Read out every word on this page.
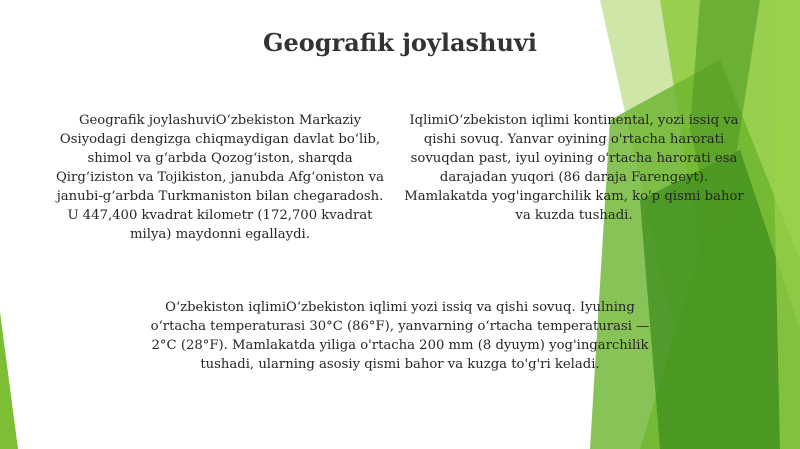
Geografik joylashuvi
Geografik joylashuviO‘zbekiston Markaziy Osiyodagi dengizga chiqmaydigan davlat bo‘lib, shimol va g‘arbda Qozog‘iston, sharqda Qirg‘iziston va Tojikiston, janubda Afg‘oniston va janubi-g‘arbda Turkmaniston bilan chegaradosh. U 447,400 kvadrat kilometr (172,700 kvadrat milya) maydonni egallaydi.
IqlimiO‘zbekiston iqlimi kontinental, yozi issiq va qishi sovuq. Yanvar oyining o'rtacha harorati sovuqdan past, iyul oyining o'rtacha harorati esa darajadan yuqori (86 daraja Farengeyt). Mamlakatda yog'ingarchilik kam, ko'p qismi bahor va kuzda tushadi.
O‘zbekiston iqlimiO‘zbekiston iqlimi yozi issiq va qishi sovuq. Iyulning o‘rtacha temperaturasi 30°C (86°F), yanvarning o‘rtacha temperaturasi —2°C (28°F). Mamlakatda yiliga o'rtacha 200 mm (8 dyuym) yog'ingarchilik tushadi, ularning asosiy qismi bahor va kuzga to'g'ri keladi.
